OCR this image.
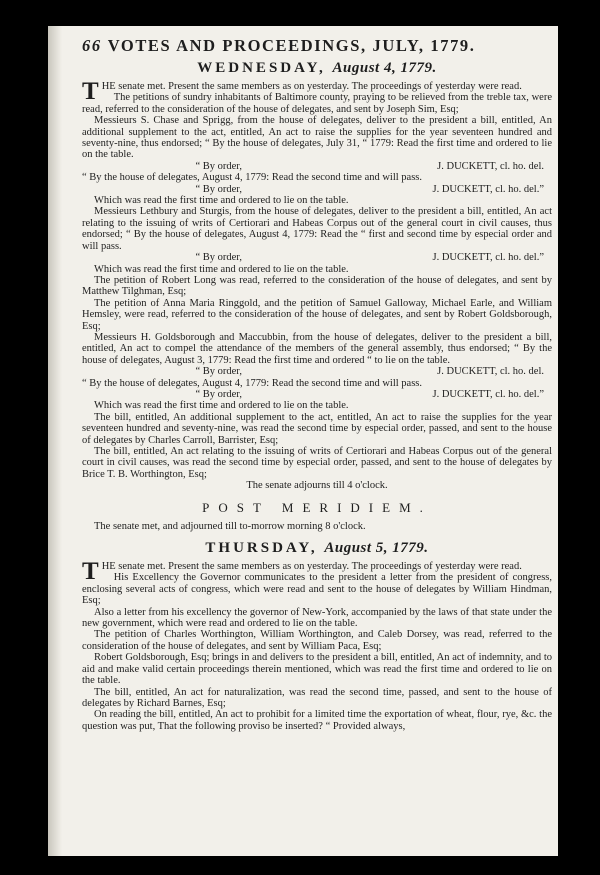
66 VOTES AND PROCEEDINGS, JULY, 1779.
WEDNESDAY, August 4, 1779.

THE senate met. Present the same members as on yesterday. The proceedings of yesterday were read.

The petitions of sundry inhabitants of Baltimore county, praying to be relieved from the treble tax, were read, referred to the consideration of the house of delegates, and sent by Joseph Sim, Esq;

Messieurs S. Chase and Sprigg, from the house of delegates, deliver to the president a bill, entitled, An additional supplement to the act, entitled, An act to raise the supplies for the year seventeen hundred and seventy-nine, thus endorsed; “ By the house of delegates, July 31, “ 1779: Read the first time and ordered to lie on the table.

“ By order,	J. DUCKETT, cl. ho. del.

“ By the house of delegates, August 4, 1779: Read the second time and will pass.

“ By order,	J. DUCKETT, cl. ho. del.”

Which was read the first time and ordered to lie on the table.

Messieurs Lethbury and Sturgis, from the house of delegates, deliver to the president a bill, entitled, An act relating to the issuing of writs of Certiorari and Habeas Corpus out of the general court in civil causes, thus endorsed; “ By the house of delegates, August 4, 1779: Read the “ first and second time by especial order and will pass.

“ By order,	J. DUCKETT, cl. ho. del.”

Which was read the first time and ordered to lie on the table.

The petition of Robert Long was read, referred to the consideration of the house of delegates, and sent by Matthew Tilghman, Esq;

The petition of Anna Maria Ringgold, and the petition of Samuel Galloway, Michael Earle, and William Hemsley, were read, referred to the consideration of the house of delegates, and sent by Robert Goldsborough, Esq;

Messieurs H. Goldsborough and Maccubbin, from the house of delegates, deliver to the president a bill, entitled, An act to compel the attendance of the members of the general assembly, thus endorsed; “ By the house of delegates, August 3, 1779: Read the first time and ordered “ to lie on the table.

“ By order,	J. DUCKETT, cl. ho. del.

“ By the house of delegates, August 4, 1779: Read the second time and will pass.

“ By order,	J. DUCKETT, cl. ho. del.”

Which was read the first time and ordered to lie on the table.

The bill, entitled, An additional supplement to the act, entitled, An act to raise the supplies for the year seventeen hundred and seventy-nine, was read the second time by especial order, passed, and sent to the house of delegates by Charles Carroll, Barrister, Esq;

The bill, entitled, An act relating to the issuing of writs of Certiorari and Habeas Corpus out of the general court in civil causes, was read the second time by especial order, passed, and sent to the house of delegates by Brice T. B. Worthington, Esq;

The senate adjourns till 4 o'clock.
POST MERIDIEM.

The senate met, and adjourned till to-morrow morning 8 o'clock.

THURSDAY, August 5, 1779.

THE senate met. Present the same members as on yesterday. The proceedings of yesterday were read.

His Excellency the Governor communicates to the president a letter from the president of congress, enclosing several acts of congress, which were read and sent to the house of delegates by William Hindman, Esq;

Also a letter from his excellency the governor of New-York, accompanied by the laws of that state under the new government, which were read and ordered to lie on the table.

The petition of Charles Worthington, William Worthington, and Caleb Dorsey, was read, referred to the consideration of the house of delegates, and sent by William Paca, Esq;

Robert Goldsborough, Esq; brings in and delivers to the president a bill, entitled, An act of indemnity, and to aid and make valid certain proceedings therein mentioned, which was read the first time and ordered to lie on the table.

The bill, entitled, An act for naturalization, was read the second time, passed, and sent to the house of delegates by Richard Barnes, Esq;

On reading the bill, entitled, An act to prohibit for a limited time the exportation of wheat, flour, rye, &c. the question was put, That the following proviso be inserted? “ Provided always,
